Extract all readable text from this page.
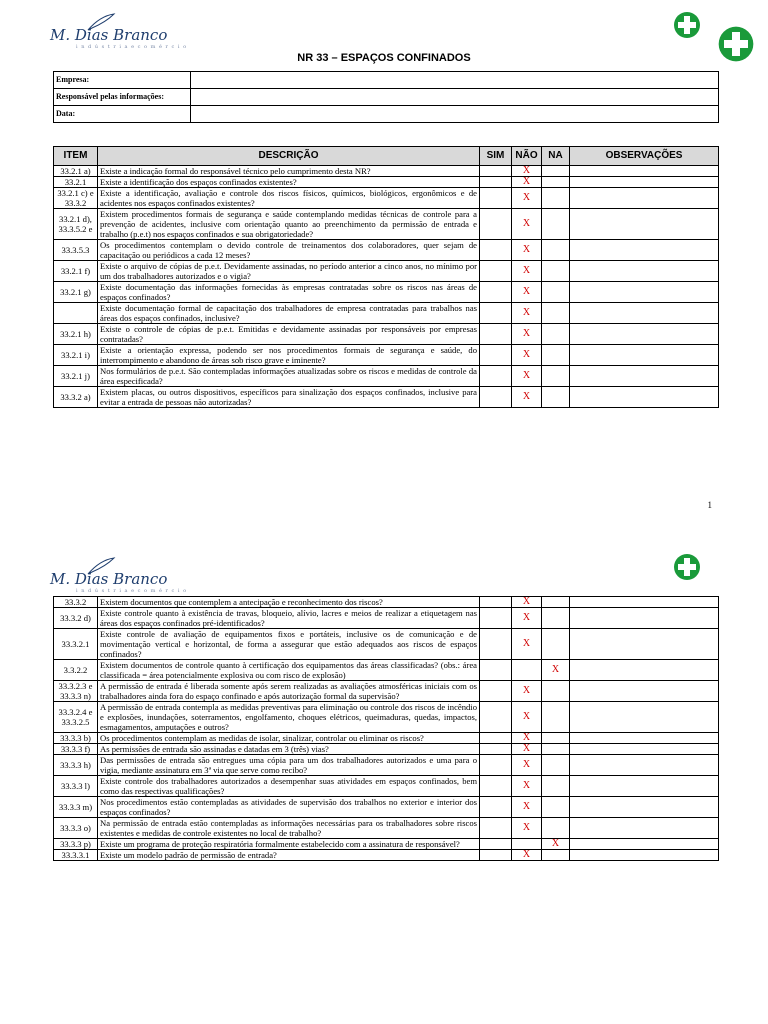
M. Dias Branco
i n d ú s t r i a e c o m é r c i o
NR 33 – ESPAÇOS CONFINADOS
Empresa:	
Responsável pelas informações:	
Data:	
ITEM	DESCRIÇÃO	SIM	NÃO	NA	OBSERVAÇÕES
33.2.1 a)	Existe a indicação formal do responsável técnico pelo cumprimento desta NR?		X		
33.2.1	Existe a identificação dos espaços confinados existentes?		X		
33.2.1 c) e 33.3.2	Existe a identificação, avaliação e controle dos riscos físicos, químicos, biológicos, ergonômicos e de acidentes nos espaços confinados existentes?		X		
33.2.1 d), 33.3.5.2 e	Existem procedimentos formais de segurança e saúde contemplando medidas técnicas de controle para a prevenção de acidentes, inclusive com orientação quanto ao preenchimento da permissão de entrada e trabalho (p.e.t) nos espaços confinados e sua obrigatoriedade?		X		
33.3.5.3	Os procedimentos contemplam o devido controle de treinamentos dos colaboradores, quer sejam de capacitação ou periódicos a cada 12 meses?		X		
33.2.1 f)	Existe o arquivo de cópias de p.e.t. Devidamente assinadas, no período anterior a cinco anos, no mínimo por um dos trabalhadores autorizados e o vigia?		X		
33.2.1 g)	Existe documentação das informações fornecidas às empresas contratadas sobre os riscos nas áreas de espaços confinados?		X		
	Existe documentação formal de capacitação dos trabalhadores de empresa contratadas para trabalhos nas áreas dos espaços confinados, inclusive?		X		
33.2.1 h)	Existe o controle de cópias de p.e.t. Emitidas e devidamente assinadas por responsáveis por empresas contratadas?		X		
33.2.1 i)	Existe a orientação expressa, podendo ser nos procedimentos formais de segurança e saúde, do interrompimento e abandono de áreas sob risco grave e iminente?		X		
33.2.1 j)	Nos formulários de p.e.t. São contempladas informações atualizadas sobre os riscos e medidas de controle da área especificada?		X		
33.3.2 a)	Existem placas, ou outros dispositivos, específicos para sinalização dos espaços confinados, inclusive para evitar a entrada de pessoas não autorizadas?		X		
1
M. Dias Branco
i n d ú s t r i a e c o m é r c i o
33.3.2	Existem documentos que contemplem a antecipação e reconhecimento dos riscos?		X		
33.3.2 d)	Existe controle quanto à existência de travas, bloqueio, alívio, lacres e meios de realizar a etiquetagem nas áreas dos espaços confinados pré-identificados?		X		
33.3.2.1	Existe controle de avaliação de equipamentos fixos e portáteis, inclusive os de comunicação e de movimentação vertical e horizontal, de forma a assegurar que estão adequados aos riscos de espaços confinados?		X		
3.3.2.2	Existem documentos de controle quanto à certificação dos equipamentos das áreas classificadas? (obs.: área classificada = área potencialmente explosiva ou com risco de explosão)			X	
33.3.2.3 e 33.3.3 n)	A permissão de entrada é liberada somente após serem realizadas as avaliações atmosféricas iniciais com os trabalhadores ainda fora do espaço confinado e após autorização formal da supervisão?		X		
33.3.2.4 e 33.3.2.5	A permissão de entrada contempla as medidas preventivas para eliminação ou controle dos riscos de incêndio e explosões, inundações, soterramentos, engolfamento, choques elétricos, queimaduras, quedas, impactos, esmagamentos, amputações e outros?		X		
33.3.3 b)	Os procedimentos contemplam as medidas de isolar, sinalizar, controlar ou eliminar os riscos?		X		
33.3.3 f)	As permissões de entrada são assinadas e datadas em 3 (três) vias?		X		
33.3.3 h)	Das permissões de entrada são entregues uma cópia para um dos trabalhadores autorizados e uma para o vigia, mediante assinatura em 3ª via que serve como recibo?		X		
33.3.3 l)	Existe controle dos trabalhadores autorizados a desempenhar suas atividades em espaços confinados, bem como das respectivas qualificações?		X		
33.3.3 m)	Nos procedimentos estão contempladas as atividades de supervisão dos trabalhos no exterior e interior dos espaços confinados?		X		
33.3.3 o)	Na permissão de entrada estão contempladas as informações necessárias para os trabalhadores sobre riscos existentes e medidas de controle existentes no local de trabalho?		X		
33.3.3 p)	Existe um programa de proteção respiratória formalmente estabelecido com a assinatura de responsável?			X	
33.3.3.1	Existe um modelo padrão de permissão de entrada?		X		
